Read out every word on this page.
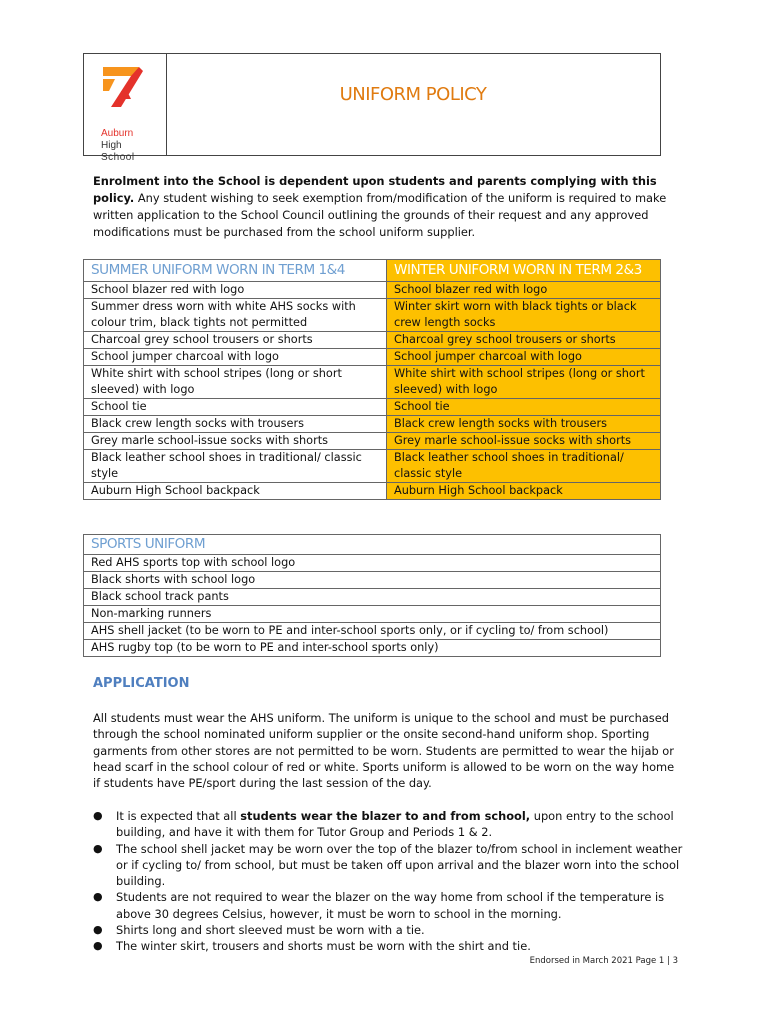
Auburn
High
School
UNIFORM POLICY
Enrolment into the School is dependent upon students and parents complying with this policy. Any student wishing to seek exemption from/modification of the uniform is required to make written application to the School Council outlining the grounds of their request and any approved modifications must be purchased from the school uniform supplier.
SUMMER UNIFORM WORN IN TERM 1&4	WINTER UNIFORM WORN IN TERM 2&3
School blazer red with logo	School blazer red with logo
Summer dress worn with white AHS socks with colour trim, black tights not permitted	Winter skirt worn with black tights or black crew length socks
Charcoal grey school trousers or shorts	Charcoal grey school trousers or shorts
School jumper charcoal with logo	School jumper charcoal with logo
White shirt with school stripes (long or short sleeved) with logo	White shirt with school stripes (long or short sleeved) with logo
School tie	School tie
Black crew length socks with trousers	Black crew length socks with trousers
Grey marle school-issue socks with shorts	Grey marle school-issue socks with shorts
Black leather school shoes in traditional/ classic style	Black leather school shoes in traditional/ classic style
Auburn High School backpack	Auburn High School backpack
SPORTS UNIFORM
Red AHS sports top with school logo
Black shorts with school logo
Black school track pants
Non-marking runners
AHS shell jacket (to be worn to PE and inter-school sports only, or if cycling to/ from school)
AHS rugby top (to be worn to PE and inter-school sports only)
APPLICATION
All students must wear the AHS uniform. The uniform is unique to the school and must be purchased through the school nominated uniform supplier or the onsite second-hand uniform shop. Sporting garments from other stores are not permitted to be worn. Students are permitted to wear the hijab or head scarf in the school colour of red or white. Sports uniform is allowed to be worn on the way home if students have PE/sport during the last session of the day.
● It is expected that all students wear the blazer to and from school, upon entry to the school building, and have it with them for Tutor Group and Periods 1 & 2.
● The school shell jacket may be worn over the top of the blazer to/from school in inclement weather or if cycling to/ from school, but must be taken off upon arrival and the blazer worn into the school building.
● Students are not required to wear the blazer on the way home from school if the temperature is above 30 degrees Celsius, however, it must be worn to school in the morning.
● Shirts long and short sleeved must be worn with a tie.
● The winter skirt, trousers and shorts must be worn with the shirt and tie.
Endorsed in March 2021 Page 1 | 3
